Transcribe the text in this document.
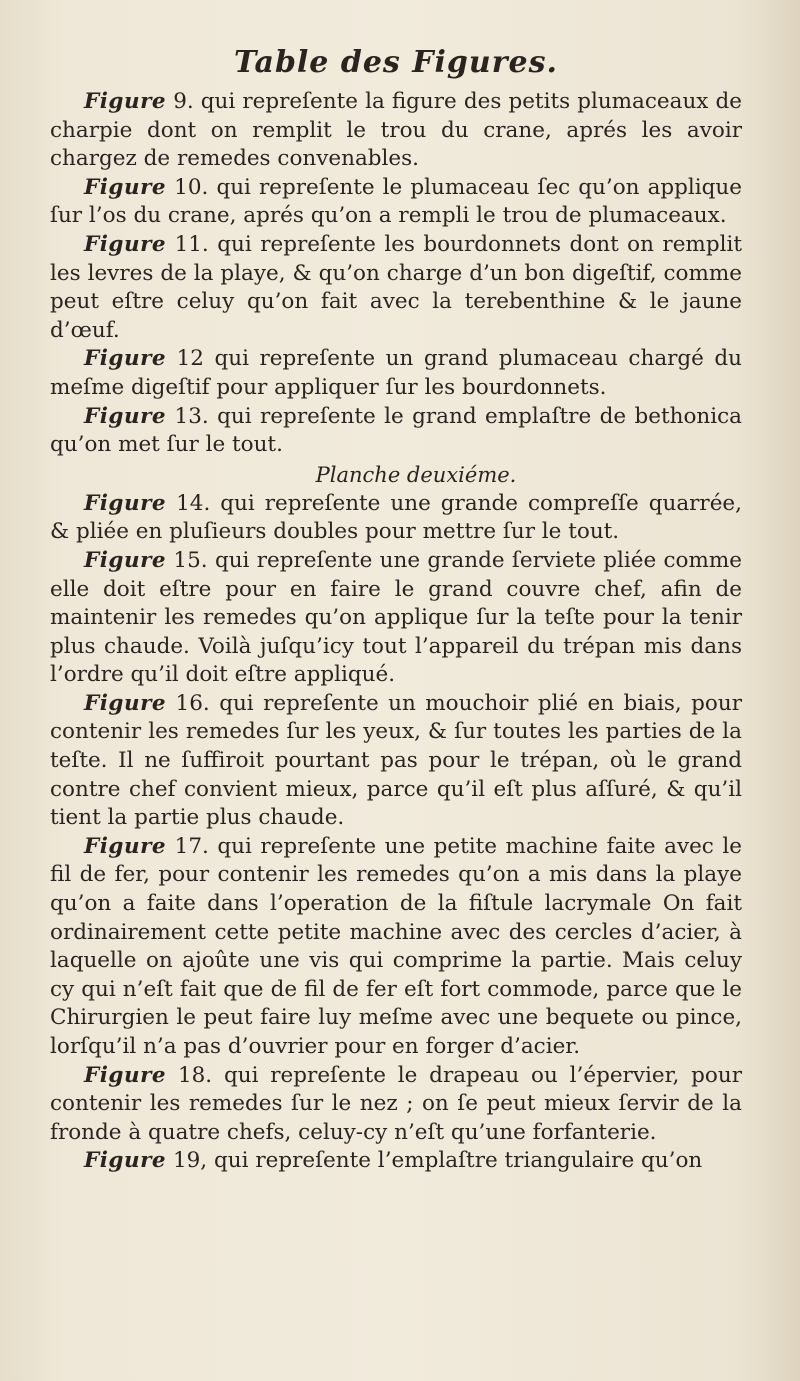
Table des Figures.

Figure 9. qui repreſente la figure des petits plumaceaux de charpie dont on remplit le trou du crane, aprés les avoir chargez de remedes convenables.

Figure 10. qui repreſente le plumaceau ſec qu’on applique ſur l’os du crane, aprés qu’on a rempli le trou de plumaceaux.

Figure 11. qui repreſente les bourdonnets dont on remplit les levres de la playe, & qu’on charge d’un bon digeſtif, comme peut eſtre celuy qu’on fait avec la terebenthine & le jaune d’œuf.

Figure 12 qui repreſente un grand plumaceau chargé du meſme digeſtif pour appliquer ſur les bourdonnets.

Figure 13. qui repreſente le grand emplaſtre de bethonica qu’on met ſur le tout.

Planche deuxiéme.

Figure 14. qui repreſente une grande compreſſe quarrée, & pliée en pluſieurs doubles pour mettre ſur le tout.

Figure 15. qui repreſente une grande ſerviete pliée comme elle doit eſtre pour en faire le grand couvre chef, afin de maintenir les remedes qu’on applique ſur la teſte pour la tenir plus chaude. Voilà juſqu’icy tout l’appareil du trépan mis dans l’ordre qu’il doit eſtre appliqué.

Figure 16. qui repreſente un mouchoir plié en biais, pour contenir les remedes ſur les yeux, & ſur toutes les parties de la teſte. Il ne ſuffiroit pourtant pas pour le trépan, où le grand contre chef convient mieux, parce qu’il eſt plus aſſuré, & qu’il tient la partie plus chaude.

Figure 17. qui repreſente une petite machine faite avec le fil de fer, pour contenir les remedes qu’on a mis dans la playe qu’on a faite dans l’operation de la fiſtule lacrymale On fait ordinairement cette petite machine avec des cercles d’acier, à laquelle on ajoûte une vis qui comprime la partie. Mais celuy cy qui n’eſt fait que de fil de fer eſt fort commode, parce que le Chirurgien le peut faire luy meſme avec une bequete ou pince, lorſqu’il n’a pas d’ouvrier pour en forger d’acier.

Figure 18. qui repreſente le drapeau ou l’épervier, pour contenir les remedes ſur le nez ; on ſe peut mieux ſervir de la fronde à quatre chefs, celuy-cy n’eſt qu’une forfanterie.

Figure 19, qui repreſente l’emplaſtre triangulaire qu’on
